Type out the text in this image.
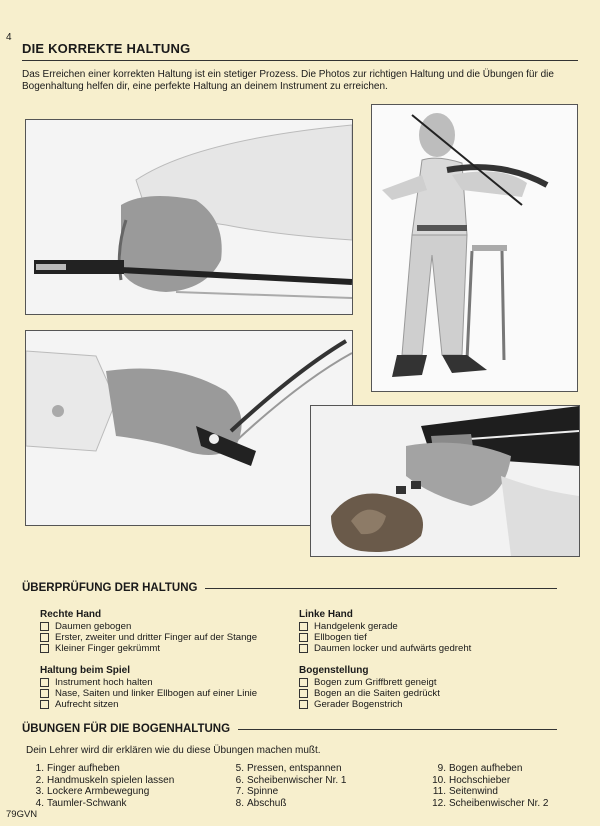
4
DIE KORREKTE HALTUNG
Das Erreichen einer korrekten Haltung ist ein stetiger Prozess. Die Photos zur richtigen Haltung und die Übungen für die Bogenhaltung helfen dir, eine perfekte Haltung an deinem Instrument zu erreichen.
ÜBERPRÜFUNG DER HALTUNG
Rechte Hand
Daumen gebogen
Erster, zweiter und dritter Finger auf der Stange
Kleiner Finger gekrümmt
Linke Hand
Handgelenk gerade
Ellbogen tief
Daumen locker und aufwärts gedreht
Haltung beim Spiel
Instrument hoch halten
Nase, Saiten und linker Ellbogen auf einer Linie
Aufrecht sitzen
Bogenstellung
Bogen zum Griffbrett geneigt
Bogen an die Saiten gedrückt
Gerader Bogenstrich
ÜBUNGEN FÜR DIE BOGENHALTUNG
Dein Lehrer wird dir erklären wie du diese Übungen machen mußt.
1. Finger aufheben
2. Handmuskeln spielen lassen
3. Lockere Armbewegung
4. Taumler-Schwank
5. Pressen, entspannen
6. Scheibenwischer Nr. 1
7. Spinne
8. Abschuß
9. Bogen aufheben
10. Hochschieber
11. Seitenwind
12. Scheibenwischer Nr. 2
79GVN
